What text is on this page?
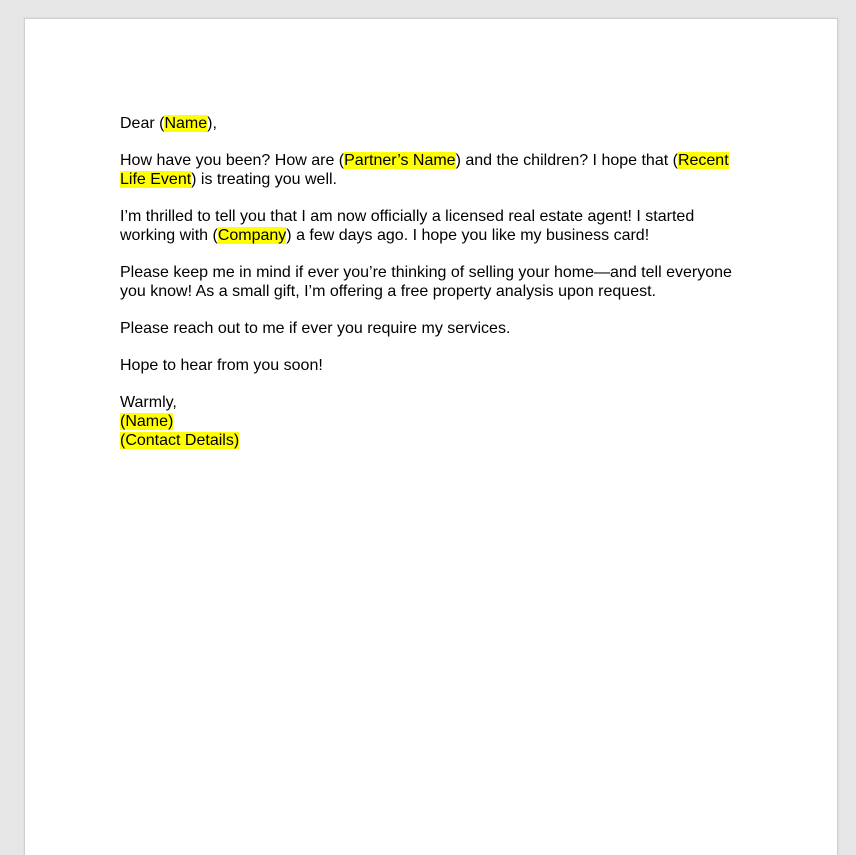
Dear (Name),

How have you been? How are (Partner’s Name) and the children? I hope that (Recent Life Event) is treating you well.

I’m thrilled to tell you that I am now officially a licensed real estate agent! I started working with (Company) a few days ago. I hope you like my business card!

Please keep me in mind if ever you’re thinking of selling your home—and tell everyone you know! As a small gift, I’m offering a free property analysis upon request.

Please reach out to me if ever you require my services.

Hope to hear from you soon!

Warmly,

(Name)

(Contact Details)
